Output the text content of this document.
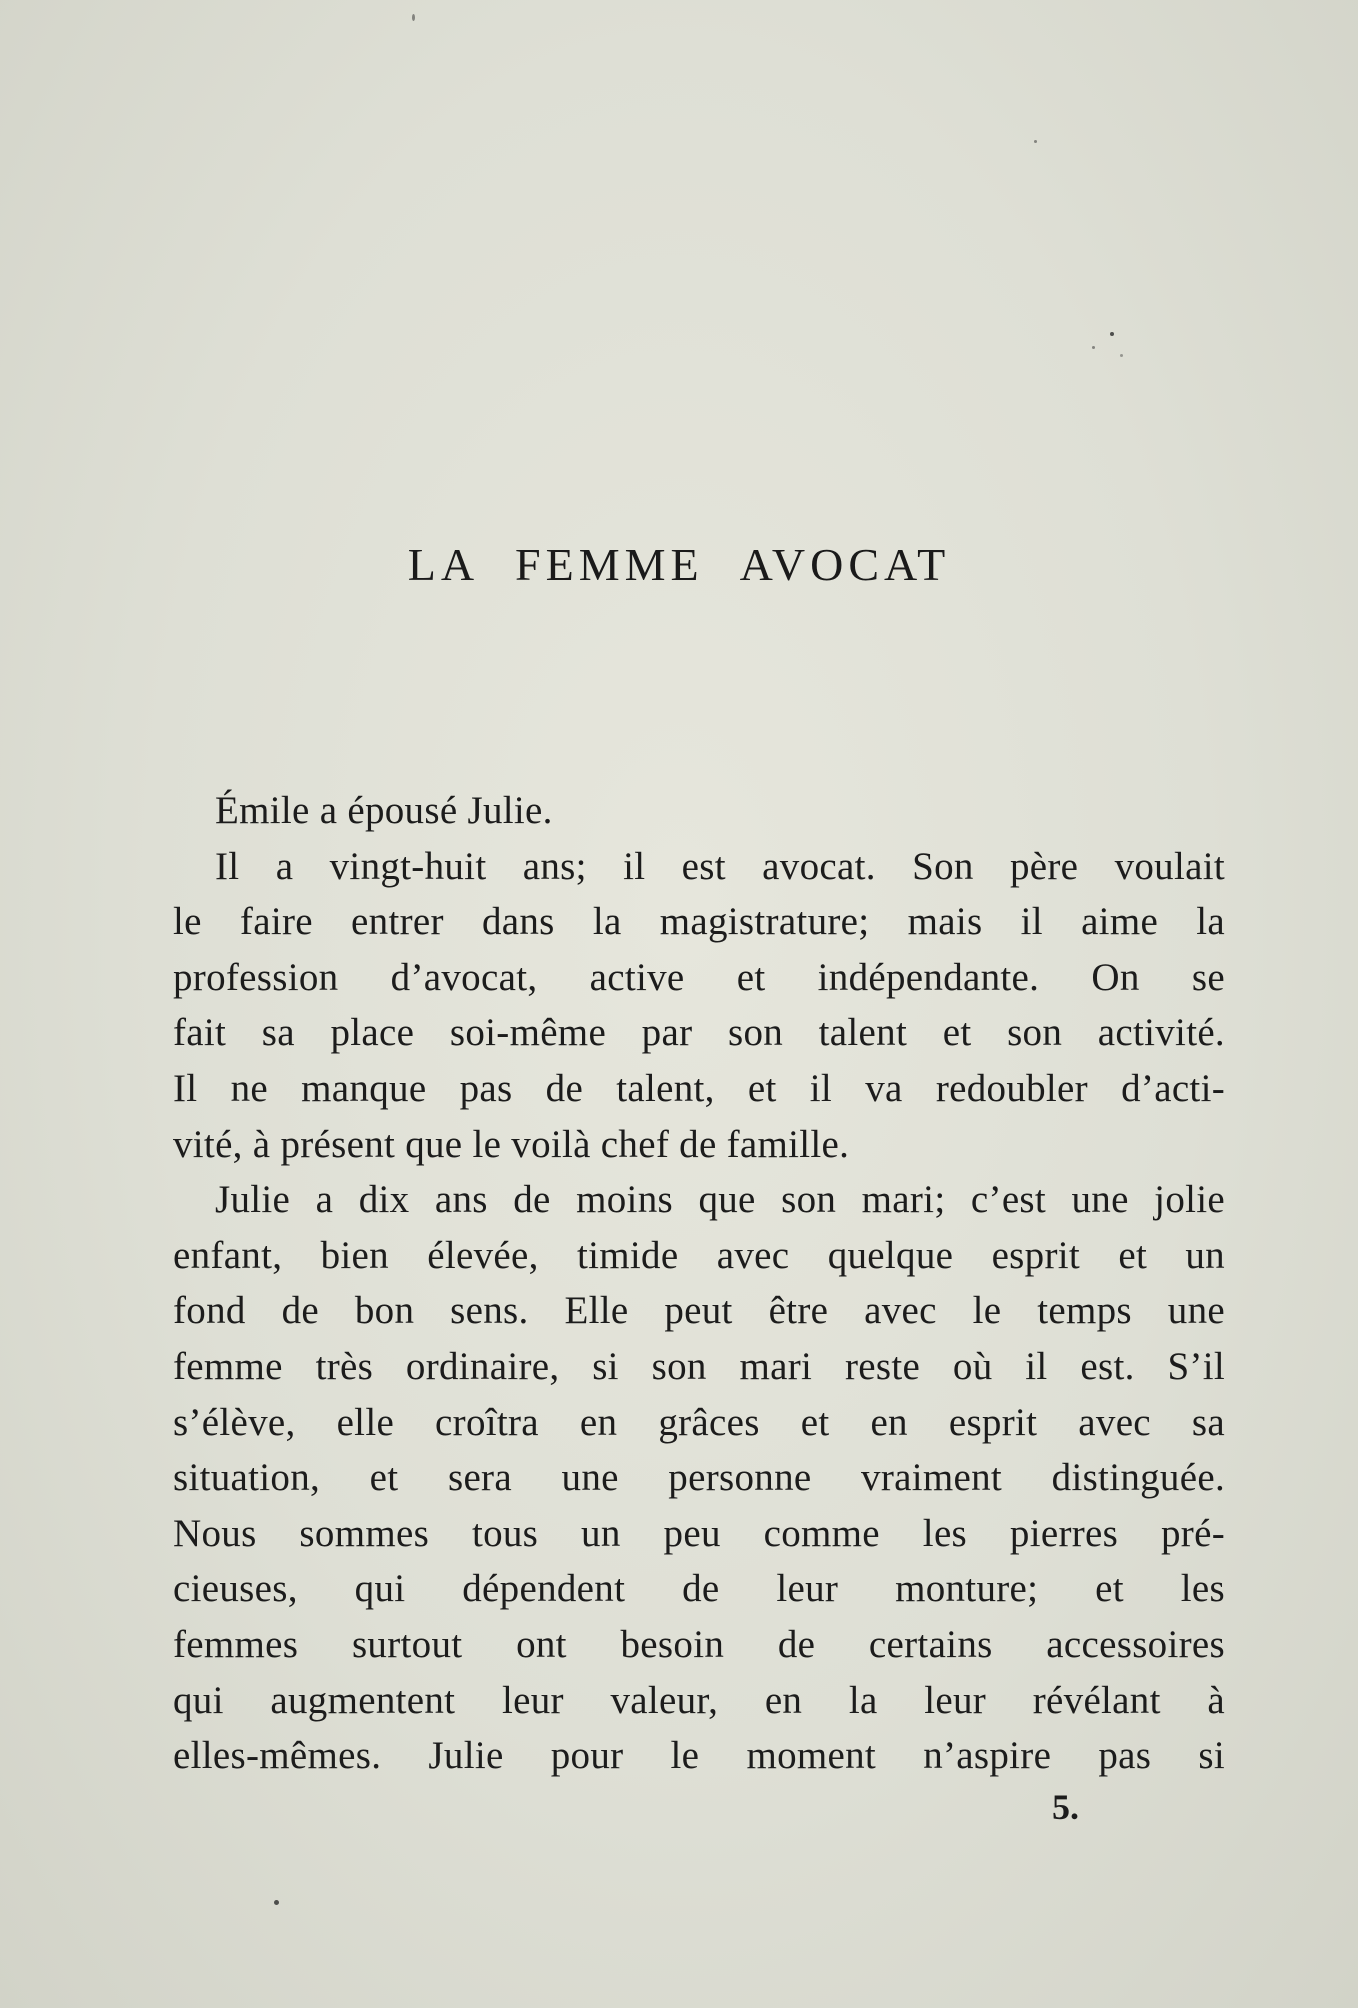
LA FEMME AVOCAT
Émile a épousé Julie.
Il a vingt-huit ans; il est avocat. Son père voulait
le faire entrer dans la magistrature; mais il aime la
profession d’avocat, active et indépendante. On se
fait sa place soi-même par son talent et son activité.
Il ne manque pas de talent, et il va redoubler d’acti-
vité, à présent que le voilà chef de famille.
Julie a dix ans de moins que son mari; c’est une jolie
enfant, bien élevée, timide avec quelque esprit et un
fond de bon sens. Elle peut être avec le temps une
femme très ordinaire, si son mari reste où il est. S’il
s’élève, elle croîtra en grâces et en esprit avec sa
situation, et sera une personne vraiment distinguée.
Nous sommes tous un peu comme les pierres pré-
cieuses, qui dépendent de leur monture; et les
femmes surtout ont besoin de certains accessoires
qui augmentent leur valeur, en la leur révélant à
elles-mêmes. Julie pour le moment n’aspire pas si
5.
